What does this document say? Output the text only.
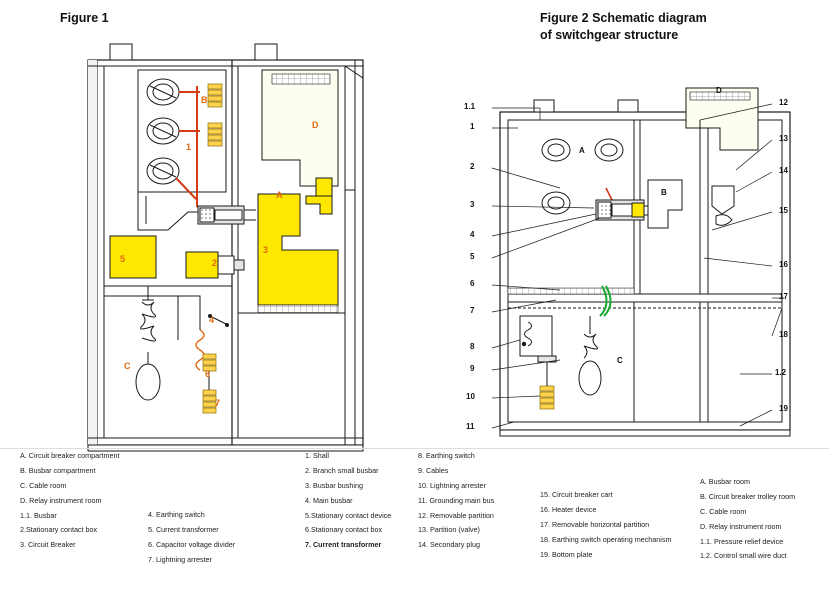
Figure 1	Figure 2 Schematic diagram
of switchgear structure
B
1
A
D
3
2
5
4
6
7
C
1.1
1
2
3
4
5
6
7
8
9
10
11
12
13
14
15
16
17
18
1.2
19
A
B
C
D
A. Circuit breaker compartment
B. Busbar compartment
C. Cable room
D. Relay instrument room
1.1. Busbar
2.Stationary contact box
3. Circuit Breaker
4. Earthing switch
5. Current transformer
6. Capacitor voltage divider
7. Lightning arrester
1. Shall
2. Branch small busbar
3. Busbar bushing
4. Main busbar
5.Stationary contact device
6.Stationary contact box
7. Current transformer
8. Earthing switch
9. Cables
10. Lightning arrester
11. Grounding main bus
12. Removable partition
13. Partition (valve)
14. Secondary plug
15. Circuit breaker cart
16. Heater device
17. Removable horizontal partition
18. Earthing switch operating mechanism
19. Bottom plate
A. Busbar room
B. Circuit breaker trolley room
C. Cable room
D. Relay instrument room
1.1. Pressure relief device
1.2. Control small wire duct
